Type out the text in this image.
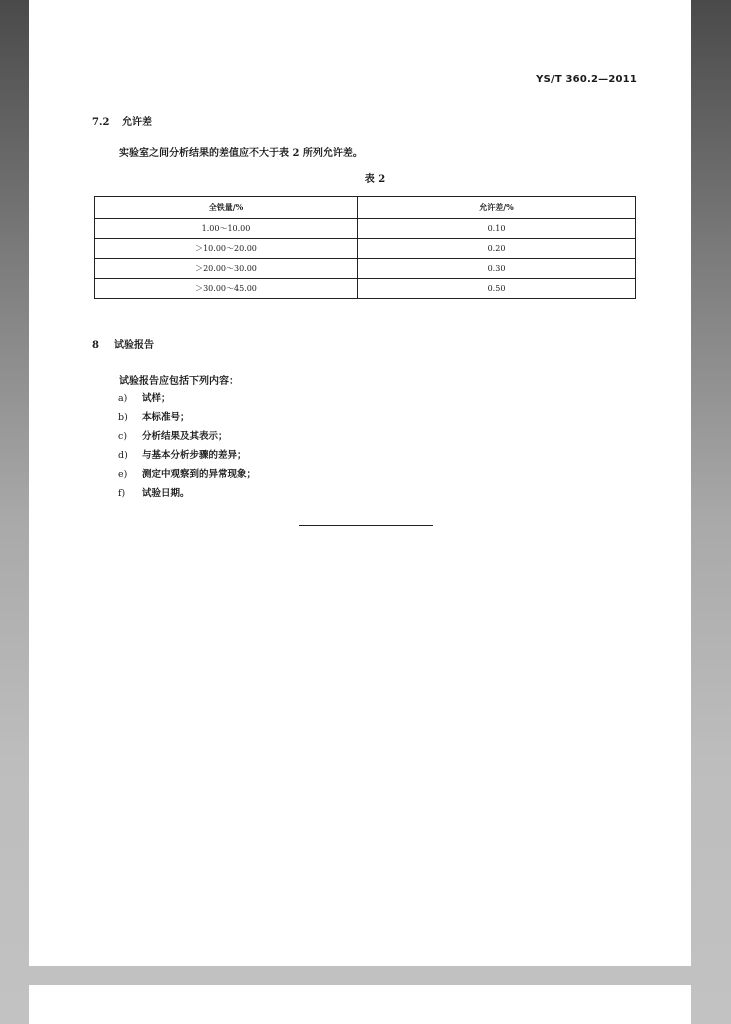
YS/T 360.2—2011
7.2 允许差
实验室之间分析结果的差值应不大于表 2 所列允许差。
表 2
全铁量/%	允许差/%
1.00～10.00	0.10
＞10.00～20.00	0.20
＞20.00～30.00	0.30
＞30.00～45.00	0.50
8 试验报告
试验报告应包括下列内容：
a) 试样；
b) 本标准号；
c) 分析结果及其表示；
d) 与基本分析步骤的差异；
e) 测定中观察到的异常现象；
f) 试验日期。
